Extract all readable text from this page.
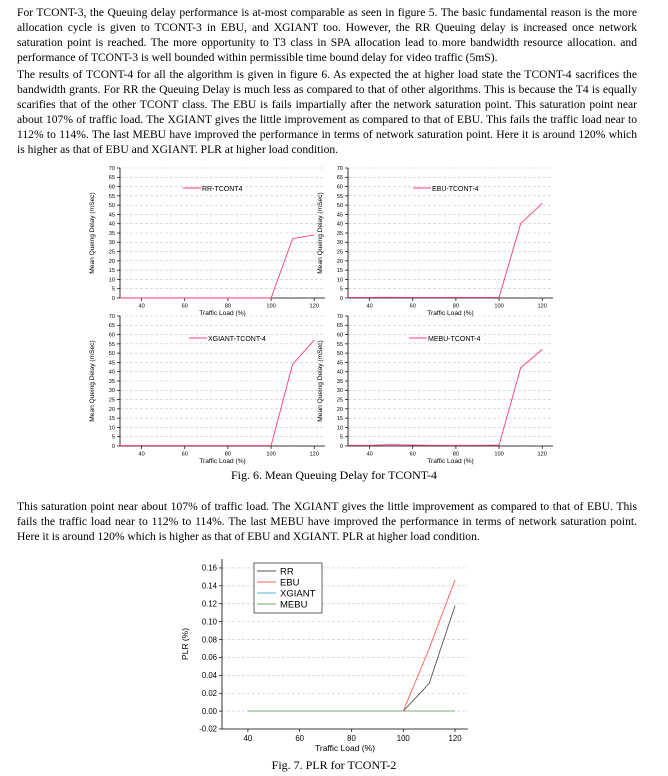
For TCONT-3, the Queuing delay performance is at-most comparable as seen in figure 5. The basic fundamental reason is the more allocation cycle is given to TCONT-3 in EBU, and XGIANT too. However, the RR Queuing delay is increased once network saturation point is reached. The more opportunity to T3 class in SPA allocation lead to more bandwidth resource allocation. and performance of TCONT-3 is well bounded within permissible time bound delay for video traffic (5mS).

The results of TCONT-4 for all the algorithm is given in figure 6. As expected the at higher load state the TCONT-4 sacrifices the bandwidth grants. For RR the Queuing Delay is much less as compared to that of other algorithms. This is because the T4 is equally scarifies that of the other TCONT class. The EBU is fails impartially after the network saturation point. This saturation point near about 107% of traffic load. The XGIANT gives the little improvement as compared to that of EBU. This fails the traffic load near to 112% to 114%. The last MEBU have improved the performance in terms of network saturation point. Here it is around 120% which is higher as that of EBU and XGIANT. PLR at higher load condition.

0
5
10
15
20
25
30
35
40
45
50
55
60
65
70
40	60	80	100	120
Traffic Load (%)
Mean Queing Delay (mSec)
RR-TCONT4
0
5
10
15
20
25
30
35
40
45
50
55
60
65
70
40	60	80	100	120
Traffic Load (%)
Mean Queing Delay (mSec)
EBU-TCONT-4
0
5
10
15
20
25
30
35
40
45
50
55
60
65
70
40	60	80	100	120
Traffic Load (%)
Mean Queing Delay (mSec)
XGIANT-TCONT-4
0
5
10
15
20
25
30
35
40
45
50
55
60
65
70
40	60	80	100	120
Traffic Load (%)
Mean Queing Delay (mSec)
MEBU-TCONT-4
Fig. 6. Mean Queuing Delay for TCONT-4

This saturation point near about 107% of traffic load. The XGIANT gives the little improvement as compared to that of EBU. This fails the traffic load near to 112% to 114%. The last MEBU have improved the performance in terms of network saturation point. Here it is around 120% which is higher as that of EBU and XGIANT. PLR at higher load condition.

-0.02
0.00
0.02
0.04
0.06
0.08
0.10
0.12
0.14
0.16
40	60	80	100	120
Traffic Load (%)
PLR (%)
RR
EBU
XGIANT
MEBU
Fig. 7. PLR for TCONT-2
